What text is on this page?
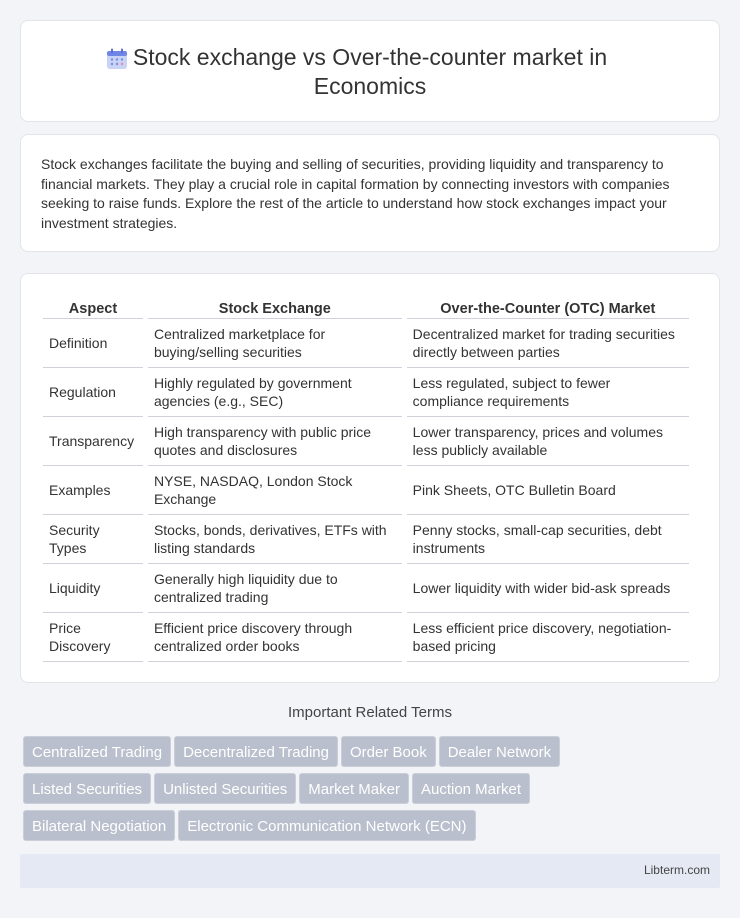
Stock exchange vs Over-the-counter market in Economics

Stock exchanges facilitate the buying and selling of securities, providing liquidity and transparency to financial markets. They play a crucial role in capital formation by connecting investors with companies seeking to raise funds. Explore the rest of the article to understand how stock exchanges impact your investment strategies.

Aspect	Stock Exchange	Over-the-Counter (OTC) Market
Definition	Centralized marketplace for buying/selling securities	Decentralized market for trading securities directly between parties
Regulation	Highly regulated by government agencies (e.g., SEC)	Less regulated, subject to fewer compliance requirements
Transparency	High transparency with public price quotes and disclosures	Lower transparency, prices and volumes less publicly available
Examples	NYSE, NASDAQ, London Stock Exchange	Pink Sheets, OTC Bulletin Board
Security Types	Stocks, bonds, derivatives, ETFs with listing standards	Penny stocks, small-cap securities, debt instruments
Liquidity	Generally high liquidity due to centralized trading	Lower liquidity with wider bid-ask spreads
Price Discovery	Efficient price discovery through centralized order books	Less efficient price discovery, negotiation-based pricing
Important Related Terms
Centralized Trading Decentralized Trading Order Book Dealer Network
Listed Securities Unlisted Securities Market Maker Auction Market
Bilateral Negotiation Electronic Communication Network (ECN)
Libterm.com
